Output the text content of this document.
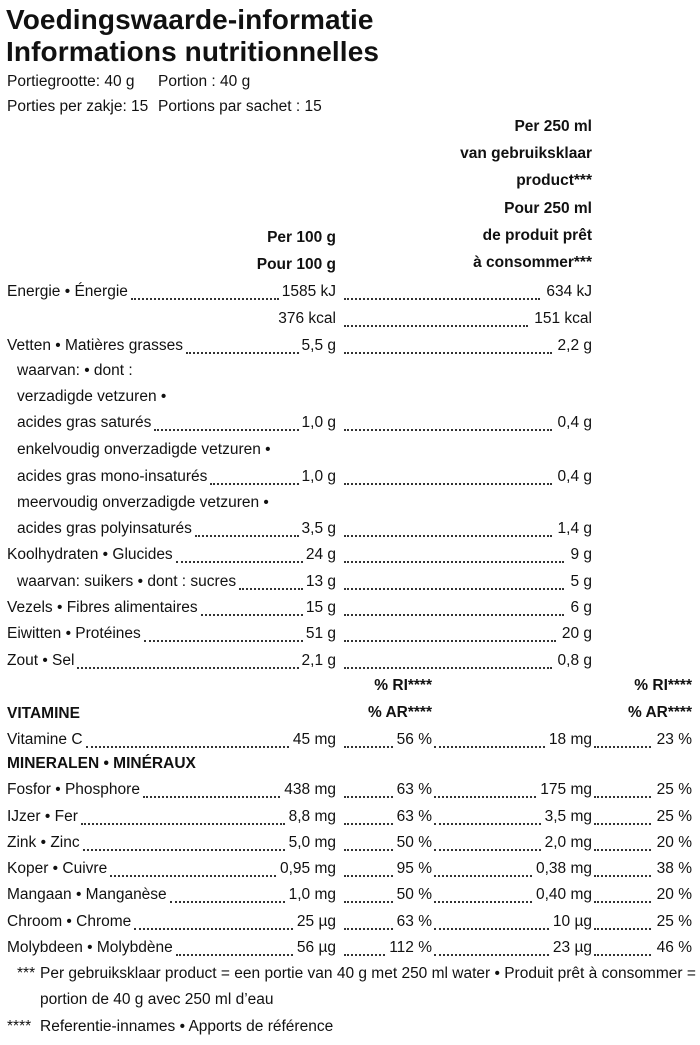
Voedingswaarde-informatie
Informations nutritionnelles
Portiegrootte: 40 g Portion : 40 g
Porties per zakje: 15 Portions par sachet : 15
Per 250 ml
van gebruiksklaar
product***
Pour 250 ml
de produit prêt
à consommer***
Per 100 g
Pour 100 g
Energie • Énergie	1585 kJ	634 kJ
376 kcal	151 kcal
Vetten • Matières grasses	5,5 g	2,2 g
waarvan: • dont :
verzadigde vetzuren •
acides gras saturés	1,0 g	0,4 g
enkelvoudig onverzadigde vetzuren •
acides gras mono-insaturés	1,0 g	0,4 g
meervoudig onverzadigde vetzuren •
acides gras polyinsaturés	3,5 g	1,4 g
Koolhydraten • Glucides	24 g	9 g
waarvan: suikers • dont : sucres	13 g	5 g
Vezels • Fibres alimentaires	15 g	6 g
Eiwitten • Protéines	51 g	20 g
Zout • Sel	2,1 g	0,8 g
% RI****	% RI****
% AR****	% AR****
VITAMINE
Vitamine C	45 mg	56 %	18 mg	23 %
MINERALEN • MINÉRAUX
Fosfor • Phosphore	438 mg	63 %	175 mg	25 %
IJzer • Fer	8,8 mg	63 %	3,5 mg	25 %
Zink • Zinc	5,0 mg	50 %	2,0 mg	20 %
Koper • Cuivre	0,95 mg	95 %	0,38 mg	38 %
Mangaan • Manganèse	1,0 mg	50 %	0,40 mg	20 %
Chroom • Chrome	25 µg	63 %	10 µg	25 %
Molybdeen • Molybdène	56 µg	112 %	23 µg	46 %
*** Per gebruiksklaar product = een portie van 40 g met 250 ml water • Produit prêt à consommer =
portion de 40 g avec 250 ml d’eau
**** Referentie-innames • Apports de référence
